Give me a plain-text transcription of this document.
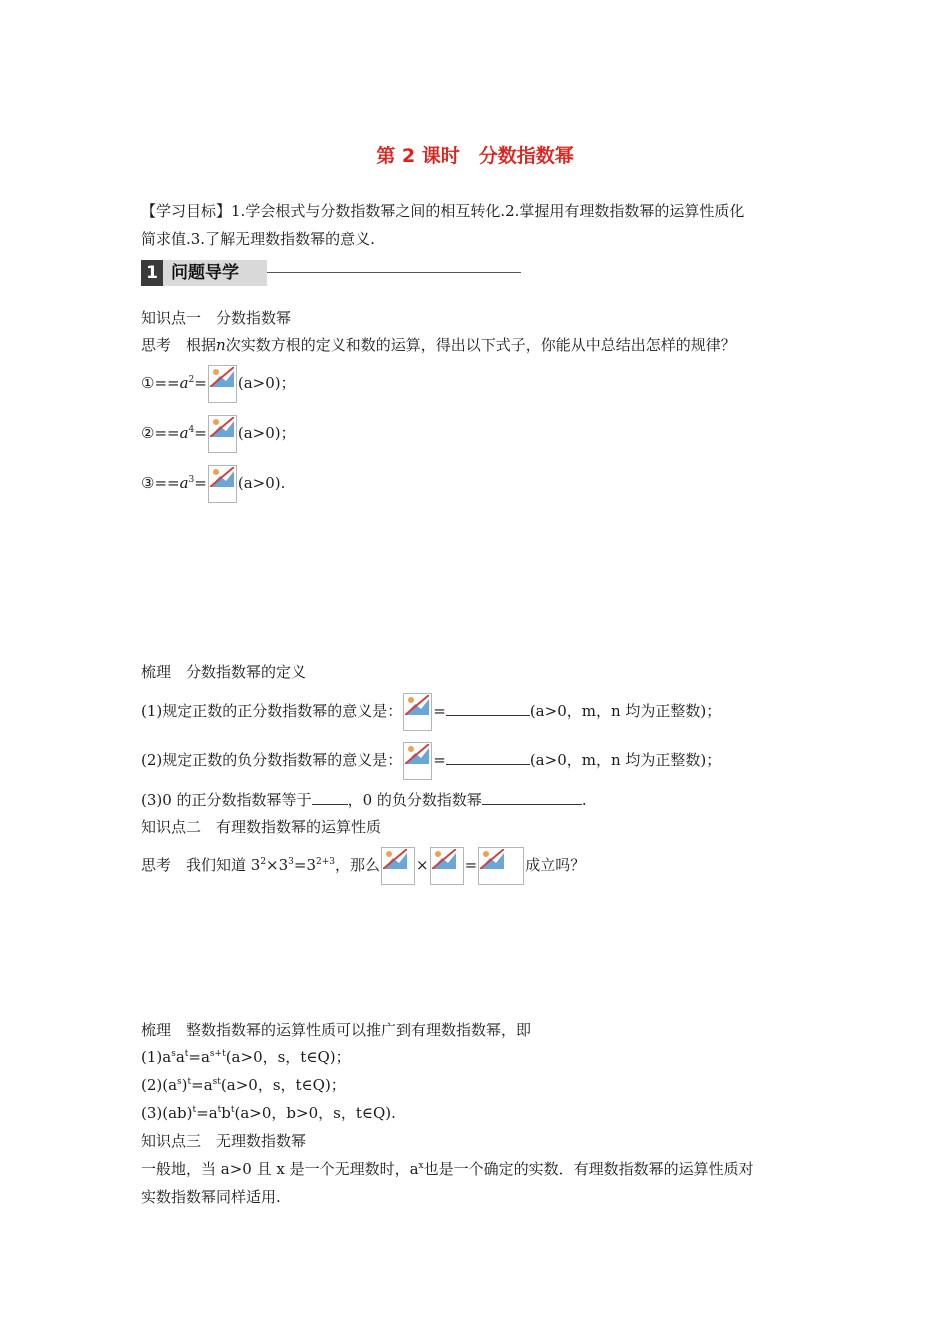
第 2 课时　分数指数幂
【学习目标】1.学会根式与分数指数幂之间的相互转化.2.掌握用有理数指数幂的运算性质化
简求值.3.了解无理数指数幂的意义.
1 问题导学
知识点一　分数指数幂
思考　根据n次实数方根的定义和数的运算，得出以下式子，你能从中总结出怎样的规律？
$①==a^2= (a>0)$；
$②==a^4= (a>0)$；
$③==a^3= (a>0)$.
梳理　分数指数幂的定义
(1)规定正数的正分数指数幂的意义是： =	(a>0，m，n 均为正整数)；
(2)规定正数的负分数指数幂的意义是： =	(a>0，m，n 均为正整数)；
(3)0 的正分数指数幂等于 ，0 的负分数指数幂	.
知识点二　有理数指数幂的运算性质
思考　我们知道 $3^2\times 3^3=3^{2+3}$，那么 × =	成立吗？
梳理　整数指数幂的运算性质可以推广到有理数指数幂，即
$(1)a^sa^t=a^{s+t}(a>0$，s，t∈Q)；
$(2)(a^s)^t=a^{st}(a>0$，s，t∈Q)；
$(3)(ab)^t=a^tb^t(a>0$，b>0，s，t∈Q).
知识点三　无理数指数幂
一般地，当 a>0 且 x 是一个无理数时，$a^x$也是一个确定的实数．有理数指数幂的运算性质对
实数指数幂同样适用.
